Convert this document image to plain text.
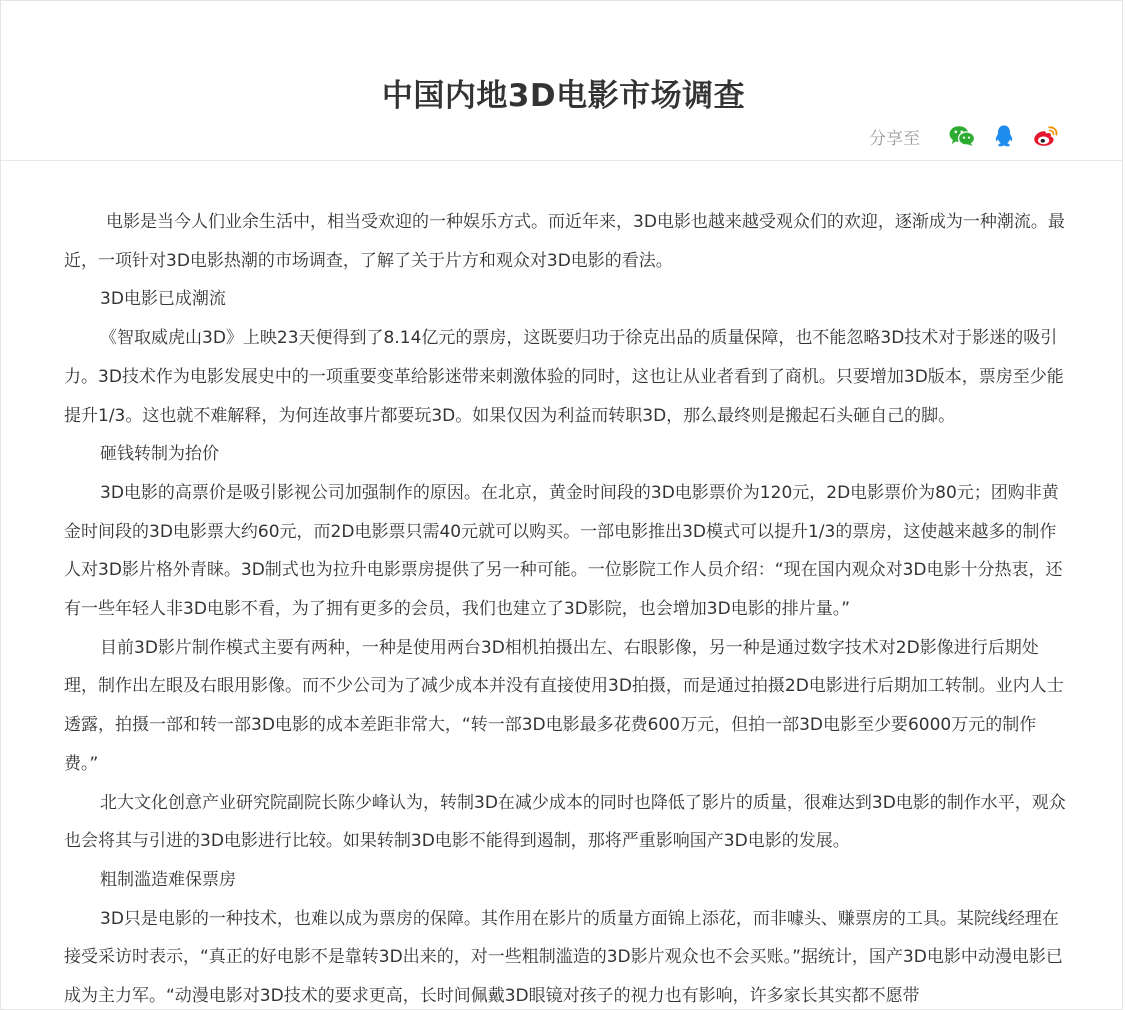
中国内地3D电影市场调查
分享至

电影是当今人们业余生活中，相当受欢迎的一种娱乐方式。而近年来，3D电影也越来越受观众们的欢迎，逐渐成为一种潮流。最近，一项针对3D电影热潮的市场调查，了解了关于片方和观众对3D电影的看法。

3D电影已成潮流

《智取威虎山3D》上映23天便得到了8.14亿元的票房，这既要归功于徐克出品的质量保障，也不能忽略3D技术对于影迷的吸引力。3D技术作为电影发展史中的一项重要变革给影迷带来刺激体验的同时，这也让从业者看到了商机。只要增加3D版本，票房至少能提升1/3。这也就不难解释，为何连故事片都要玩3D。如果仅因为利益而转职3D，那么最终则是搬起石头砸自己的脚。

砸钱转制为抬价

3D电影的高票价是吸引影视公司加强制作的原因。在北京，黄金时间段的3D电影票价为120元，2D电影票价为80元；团购非黄金时间段的3D电影票大约60元，而2D电影票只需40元就可以购买。一部电影推出3D模式可以提升1/3的票房，这使越来越多的制作人对3D影片格外青睐。3D制式也为拉升电影票房提供了另一种可能。一位影院工作人员介绍：“现在国内观众对3D电影十分热衷，还有一些年轻人非3D电影不看，为了拥有更多的会员，我们也建立了3D影院，也会增加3D电影的排片量。”

目前3D影片制作模式主要有两种，一种是使用两台3D相机拍摄出左、右眼影像，另一种是通过数字技术对2D影像进行后期处理，制作出左眼及右眼用影像。而不少公司为了减少成本并没有直接使用3D拍摄，而是通过拍摄2D电影进行后期加工转制。业内人士透露，拍摄一部和转一部3D电影的成本差距非常大，“转一部3D电影最多花费600万元，但拍一部3D电影至少要6000万元的制作费。”

北大文化创意产业研究院副院长陈少峰认为，转制3D在减少成本的同时也降低了影片的质量，很难达到3D电影的制作水平，观众也会将其与引进的3D电影进行比较。如果转制3D电影不能得到遏制，那将严重影响国产3D电影的发展。

粗制滥造难保票房

3D只是电影的一种技术，也难以成为票房的保障。其作用在影片的质量方面锦上添花，而非噱头、赚票房的工具。某院线经理在接受采访时表示，“真正的好电影不是靠转3D出来的，对一些粗制滥造的3D影片观众也不会买账。”据统计，国产3D电影中动漫电影已成为主力军。“动漫电影对3D技术的要求更高，长时间佩戴3D眼镜对孩子的视力也有影响，许多家长其实都不愿带
